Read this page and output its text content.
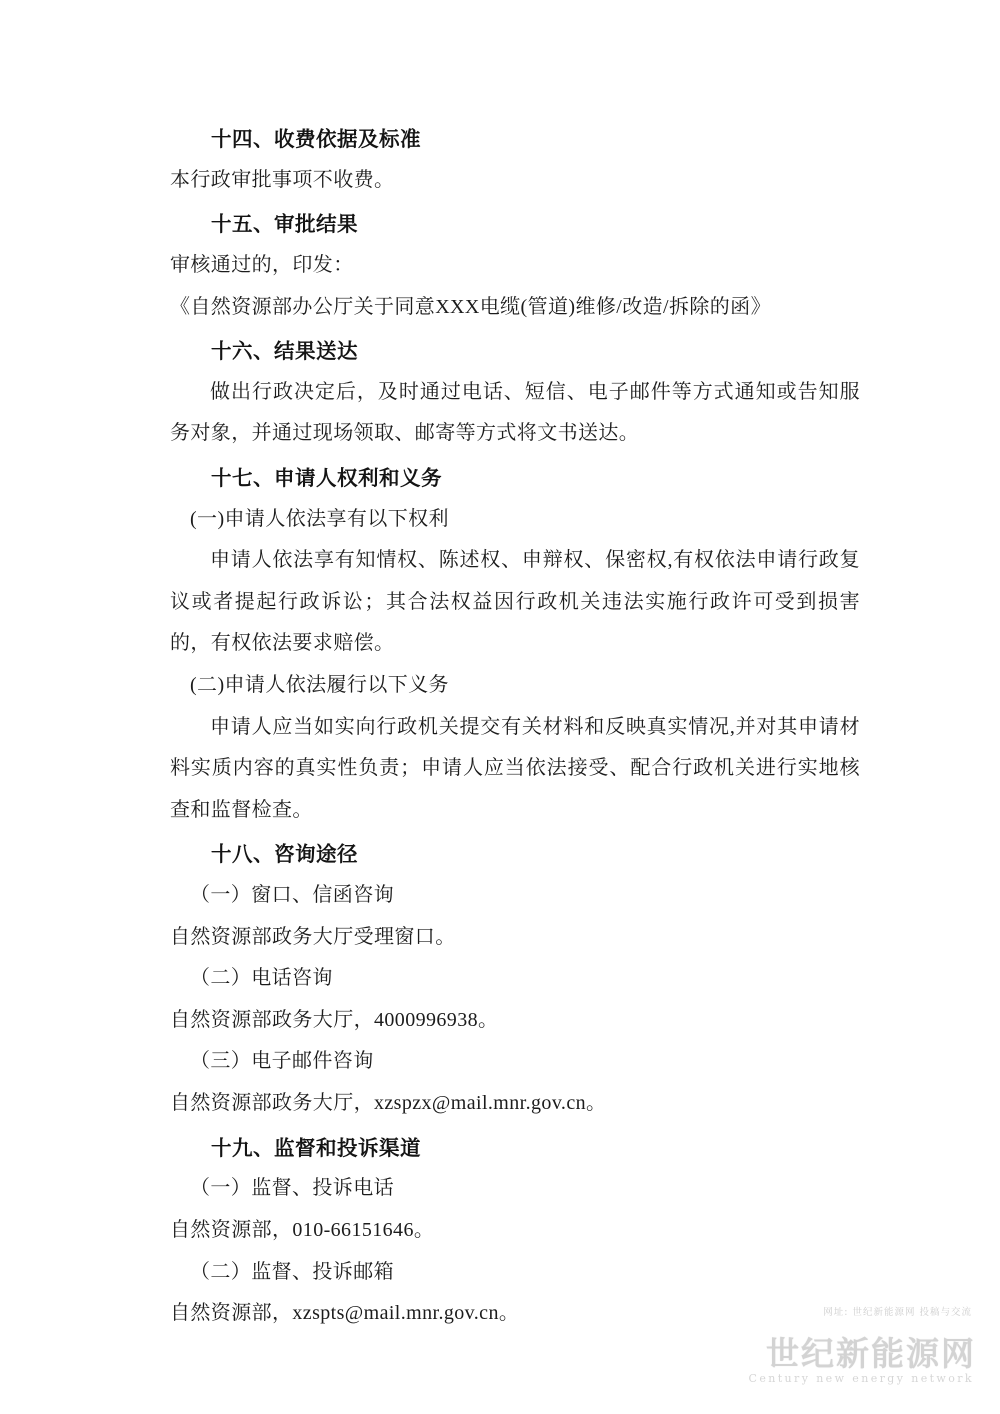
十四、收费依据及标准

本行政审批事项不收费。

十五、审批结果

审核通过的，印发：

《自然资源部办公厅关于同意XXX电缆(管道)维修/改造/拆除的函》

十六、结果送达

做出行政决定后，及时通过电话、短信、电子邮件等方式通知或告知服务对象，并通过现场领取、邮寄等方式将文书送达。

十七、申请人权利和义务

(一)申请人依法享有以下权利

申请人依法享有知情权、陈述权、申辩权、保密权,有权依法申请行政复议或者提起行政诉讼；其合法权益因行政机关违法实施行政许可受到损害的，有权依法要求赔偿。

(二)申请人依法履行以下义务

申请人应当如实向行政机关提交有关材料和反映真实情况,并对其申请材料实质内容的真实性负责；申请人应当依法接受、配合行政机关进行实地核查和监督检查。

十八、咨询途径

（一）窗口、信函咨询

自然资源部政务大厅受理窗口。

（二）电话咨询

自然资源部政务大厅，4000996938。

（三）电子邮件咨询

自然资源部政务大厅，xzspzx@mail.mnr.gov.cn。

十九、监督和投诉渠道

（一）监督、投诉电话

自然资源部，010-66151646。

（二）监督、投诉邮箱

自然资源部，xzspts@mail.mnr.gov.cn。	网址: 世纪新能源网 投稿与交流
世纪新能源网
Century new energy network
